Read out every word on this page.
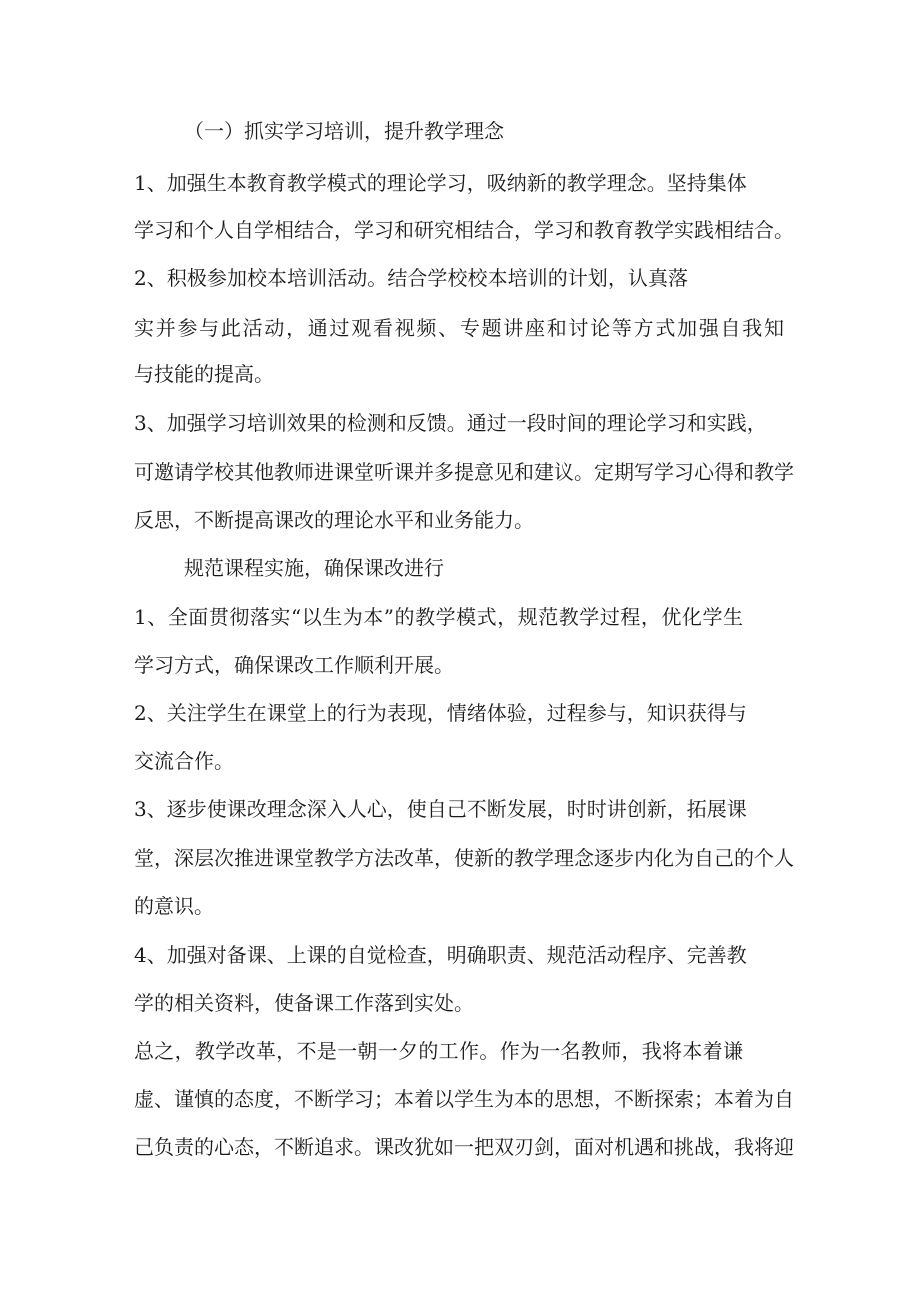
（一）抓实学习培训，提升教学理念
1、加强生本教育教学模式的理论学习，吸纳新的教学理念。坚持集体
学习和个人自学相结合，学习和研究相结合，学习和教育教学实践相结合。
2、积极参加校本培训活动。结合学校校本培训的计划，认真落
实并参与此活动，通过观看视频、专题讲座和讨论等方式加强自我知
与技能的提高。
3、加强学习培训效果的检测和反馈。通过一段时间的理论学习和实践，
可邀请学校其他教师进课堂听课并多提意见和建议。定期写学习心得和教学
反思，不断提高课改的理论水平和业务能力。
规范课程实施，确保课改进行
1、全面贯彻落实“以生为本”的教学模式，规范教学过程，优化学生
学习方式，确保课改工作顺利开展。
2、关注学生在课堂上的行为表现，情绪体验，过程参与，知识获得与
交流合作。
3、逐步使课改理念深入人心，使自己不断发展，时时讲创新，拓展课
堂，深层次推进课堂教学方法改革，使新的教学理念逐步内化为自己的个人
的意识。
4、加强对备课、上课的自觉检查，明确职责、规范活动程序、完善教
学的相关资料，使备课工作落到实处。
总之，教学改革，不是一朝一夕的工作。作为一名教师，我将本着谦
虚、谨慎的态度，不断学习；本着以学生为本的思想，不断探索；本着为自
己负责的心态，不断追求。课改犹如一把双刃剑，面对机遇和挑战，我将迎
